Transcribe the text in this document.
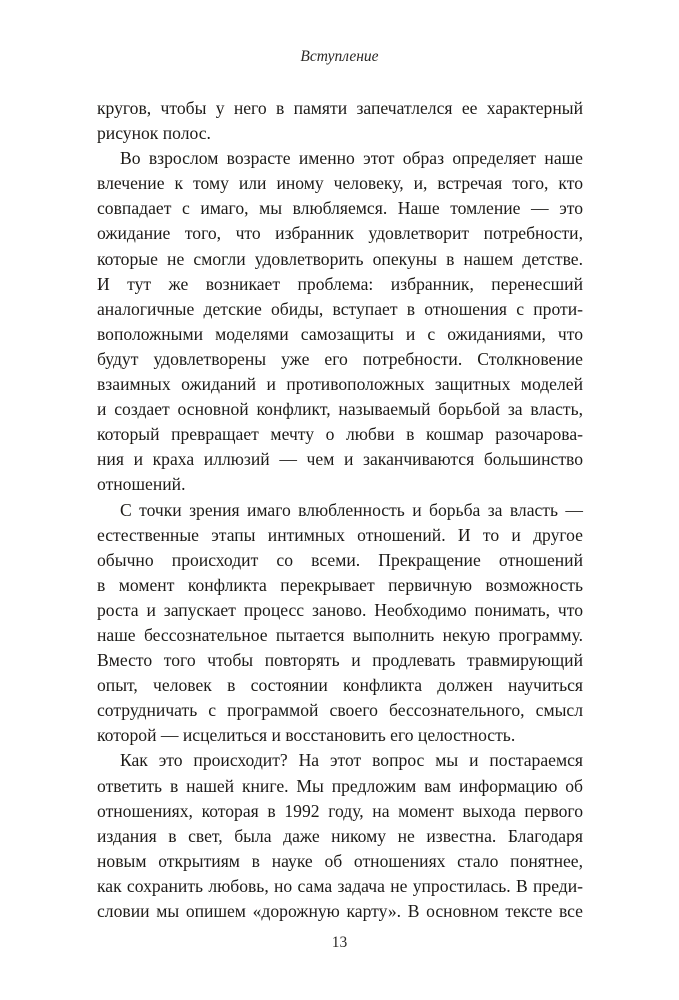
Вступление
кругов, чтобы у него в памяти запечатлелся ее характерный
рисунок полос.
Во взрослом возрасте именно этот образ определяет наше
влечение к тому или иному человеку, и, встречая того, кто
совпадает с имаго, мы влюбляемся. Наше томление — это
ожидание того, что избранник удовлетворит потребности,
которые не смогли удовлетворить опекуны в нашем детстве.
И тут же возникает проблема: избранник, перенесший
аналогичные детские обиды, вступает в отношения с проти-
воположными моделями самозащиты и с ожиданиями, что
будут удовлетворены уже его потребности. Столкновение
взаимных ожиданий и противоположных защитных моделей
и создает основной конфликт, называемый борьбой за власть,
который превращает мечту о любви в кошмар разочарова-
ния и краха иллюзий — чем и заканчиваются большинство
отношений.
С точки зрения имаго влюбленность и борьба за власть —
естественные этапы интимных отношений. И то и другое
обычно происходит со всеми. Прекращение отношений
в момент конфликта перекрывает первичную возможность
роста и запускает процесс заново. Необходимо понимать, что
наше бессознательное пытается выполнить некую программу.
Вместо того чтобы повторять и продлевать травмирующий
опыт, человек в состоянии конфликта должен научиться
сотрудничать с программой своего бессознательного, смысл
которой — исцелиться и восстановить его целостность.
Как это происходит? На этот вопрос мы и постараемся
ответить в нашей книге. Мы предложим вам информацию об
отношениях, которая в 1992 году, на момент выхода первого
издания в свет, была даже никому не известна. Благодаря
новым открытиям в науке об отношениях стало понятнее,
как сохранить любовь, но сама задача не упростилась. В преди-
словии мы опишем «дорожную карту». В основном тексте все
13
